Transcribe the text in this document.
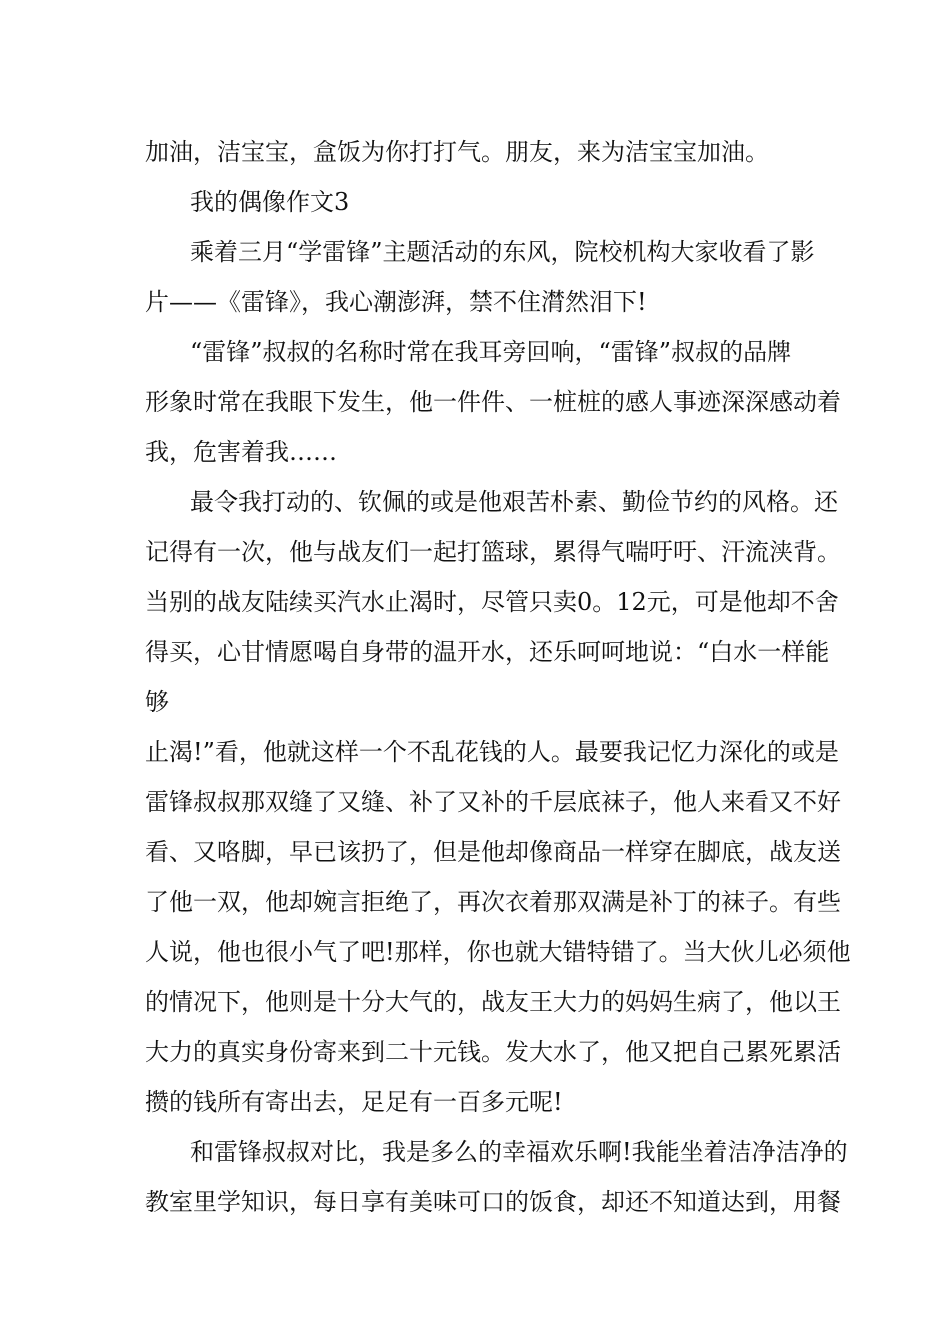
加油，洁宝宝，盒饭为你打打气。朋友，来为洁宝宝加油。
我的偶像作文3
乘着三月“学雷锋”主题活动的东风，院校机构大家收看了影
片——《雷锋》，我心潮澎湃，禁不住潸然泪下!
“雷锋”叔叔的名称时常在我耳旁回响，“雷锋”叔叔的品牌
形象时常在我眼下发生，他一件件、一桩桩的感人事迹深深感动着
我，危害着我……
最令我打动的、钦佩的或是他艰苦朴素、勤俭节约的风格。还
记得有一次，他与战友们一起打篮球，累得气喘吁吁、汗流浃背。
当别的战友陆续买汽水止渴时，尽管只卖0。12元，可是他却不舍
得买，心甘情愿喝自身带的温开水，还乐呵呵地说：“白水一样能
够
止渴!”看，他就这样一个不乱花钱的人。最要我记忆力深化的或是
雷锋叔叔那双缝了又缝、补了又补的千层底袜子，他人来看又不好
看、又咯脚，早已该扔了，但是他却像商品一样穿在脚底，战友送
了他一双，他却婉言拒绝了，再次衣着那双满是补丁的袜子。有些
人说，他也很小气了吧!那样，你也就大错特错了。当大伙儿必须他
的情况下，他则是十分大气的，战友王大力的妈妈生病了，他以王
大力的真实身份寄来到二十元钱。发大水了，他又把自己累死累活
攒的钱所有寄出去，足足有一百多元呢!
和雷锋叔叔对比，我是多么的幸福欢乐啊!我能坐着洁净洁净的
教室里学知识，每日享有美味可口的饭食，却还不知道达到，用餐
